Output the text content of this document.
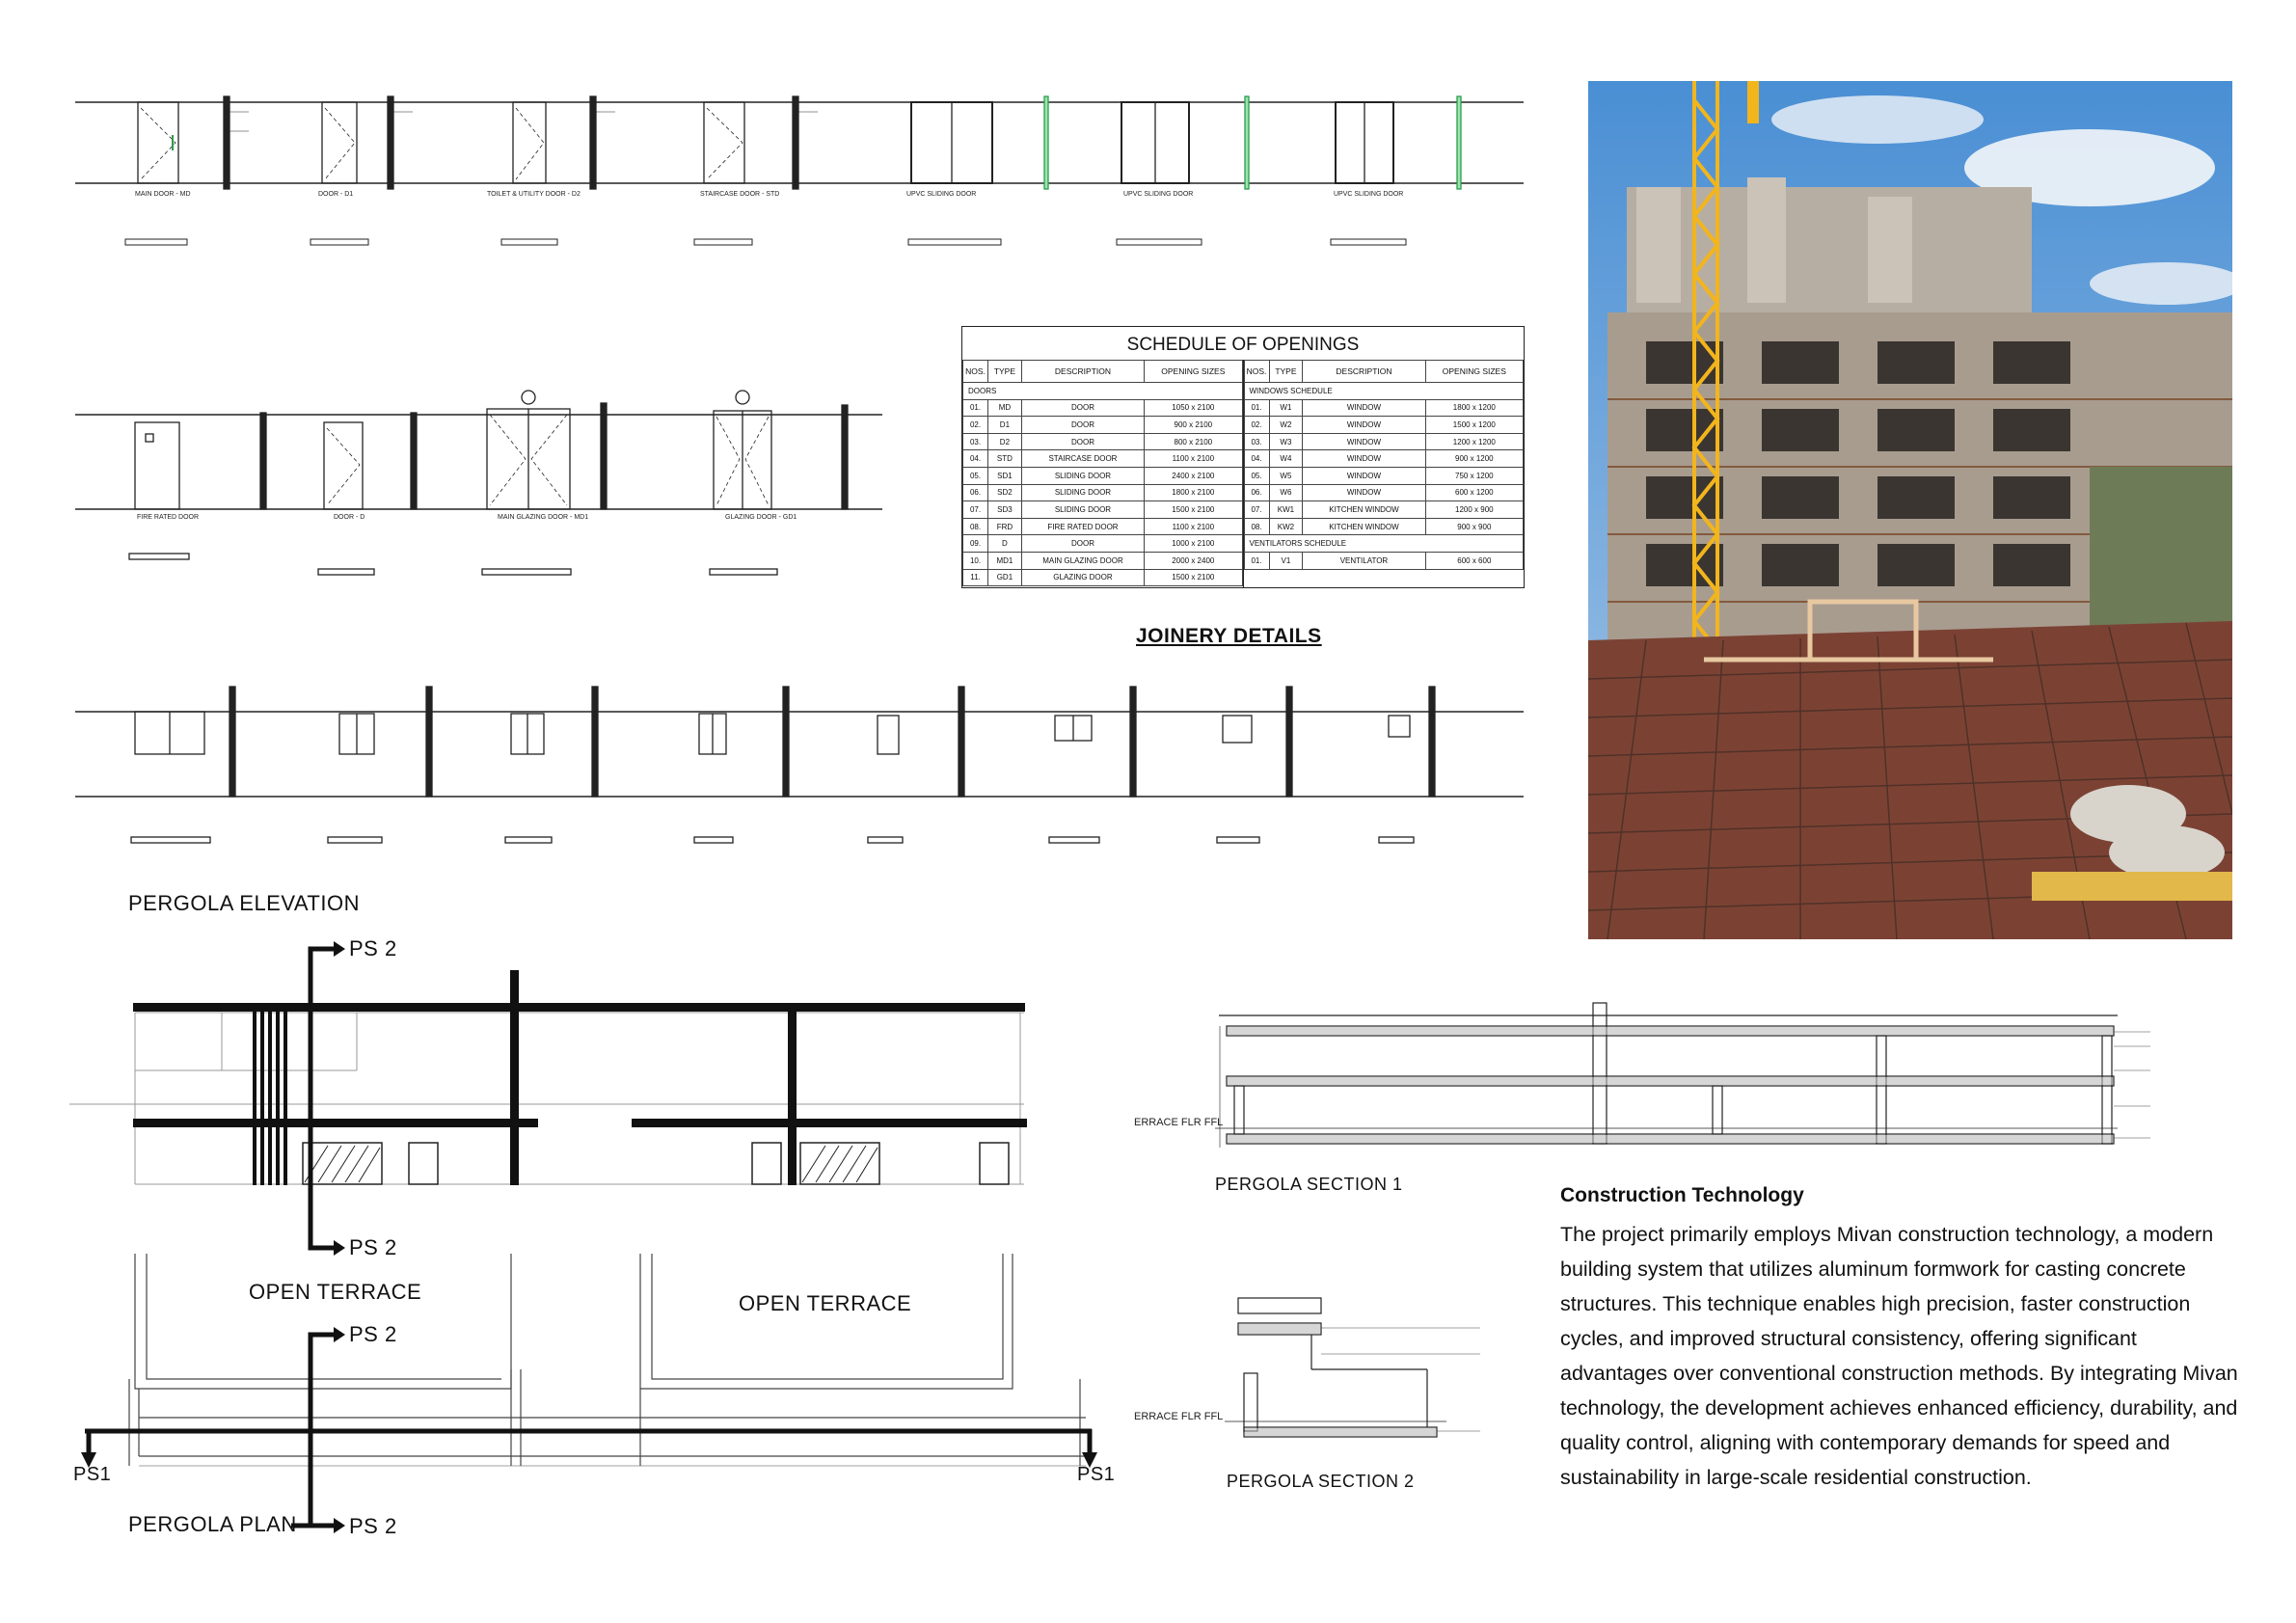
MAIN DOOR - MD	DOOR - D1	TOILET & UTILITY DOOR - D2	STAIRCASE DOOR - STD	UPVC SLIDING DOOR	UPVC SLIDING DOOR	UPVC SLIDING DOOR
FIRE RATED DOOR	DOOR - D	MAIN GLAZING DOOR - MD1	GLAZING DOOR - GD1
SCHEDULE OF OPENINGS
NOS.	TYPE	DESCRIPTION	OPENING SIZES
DOORS			
01.	MD	DOOR	1050 x 2100
02.	D1	DOOR	900 x 2100
03.	D2	DOOR	800 x 2100
04.	STD	STAIRCASE DOOR	1100 x 2100
05.	SD1	SLIDING DOOR	2400 x 2100
06.	SD2	SLIDING DOOR	1800 x 2100
07.	SD3	SLIDING DOOR	1500 x 2100
08.	FRD	FIRE RATED DOOR	1100 x 2100
09.	D	DOOR	1000 x 2100
10.	MD1	MAIN GLAZING DOOR	2000 x 2400
11.	GD1	GLAZING DOOR	1500 x 2100
NOS.	TYPE	DESCRIPTION	OPENING SIZES
WINDOWS SCHEDULE			
01.	W1	WINDOW	1800 x 1200
02.	W2	WINDOW	1500 x 1200
03.	W3	WINDOW	1200 x 1200
04.	W4	WINDOW	900 x 1200
05.	W5	WINDOW	750 x 1200
06.	W6	WINDOW	600 x 1200
07.	KW1	KITCHEN WINDOW	1200 x 900
08.	KW2	KITCHEN WINDOW	900 x 900
VENTILATORS SCHEDULE			
01.	V1	VENTILATOR	600 x 600
JOINERY DETAILS
PERGOLA ELEVATION
PS 2
PS 2
OPEN TERRACE	OPEN TERRACE
PS 2
PS 2
PS1	PS1
PERGOLA PLAN
ERRACE FLR FFL
PERGOLA SECTION 1
ERRACE FLR FFL
PERGOLA SECTION 2
Construction Technology
The project primarily employs Mivan construction technology, a modern building system that utilizes aluminum formwork for casting concrete structures. This technique enables high precision, faster construction cycles, and improved structural consistency, offering significant advantages over conventional construction methods. By integrating Mivan technology, the development achieves enhanced efficiency, durability, and quality control, aligning with contemporary demands for speed and sustainability in large-scale residential construction.
